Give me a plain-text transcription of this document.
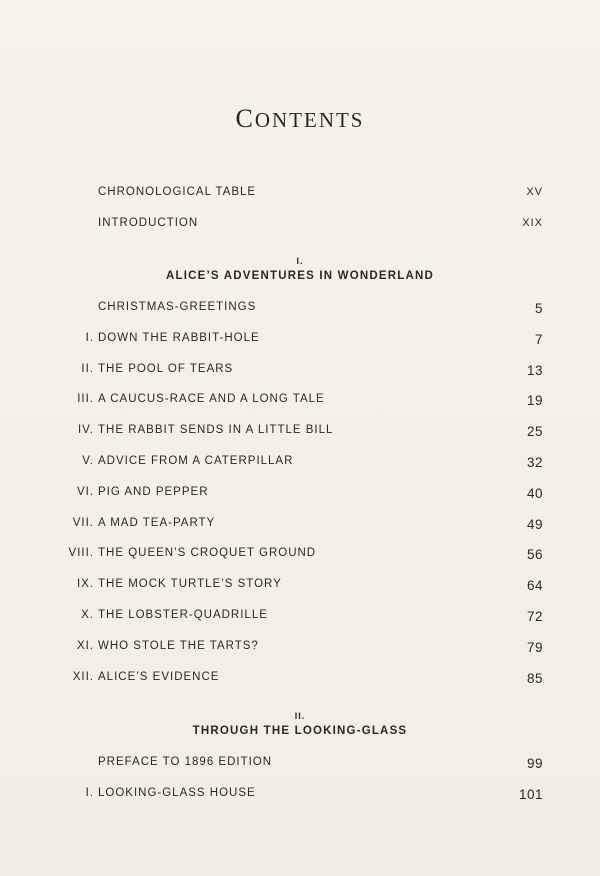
CONTENTS
CHRONOLOGICAL TABLE	XV
INTRODUCTION	XIX
I.
ALICE’S ADVENTURES IN WONDERLAND
CHRISTMAS-GREETINGS	5
I. DOWN THE RABBIT-HOLE	7
II. THE POOL OF TEARS	13
III. A CAUCUS-RACE AND A LONG TALE	19
IV. THE RABBIT SENDS IN A LITTLE BILL	25
V. ADVICE FROM A CATERPILLAR	32
VI. PIG AND PEPPER	40
VII. A MAD TEA-PARTY	49
VIII. THE QUEEN’S CROQUET GROUND	56
IX. THE MOCK TURTLE’S STORY	64
X. THE LOBSTER-QUADRILLE	72
XI. WHO STOLE THE TARTS?	79
XII. ALICE’S EVIDENCE	85
II.
THROUGH THE LOOKING-GLASS
PREFACE TO 1896 EDITION	99
I. LOOKING-GLASS HOUSE	101
